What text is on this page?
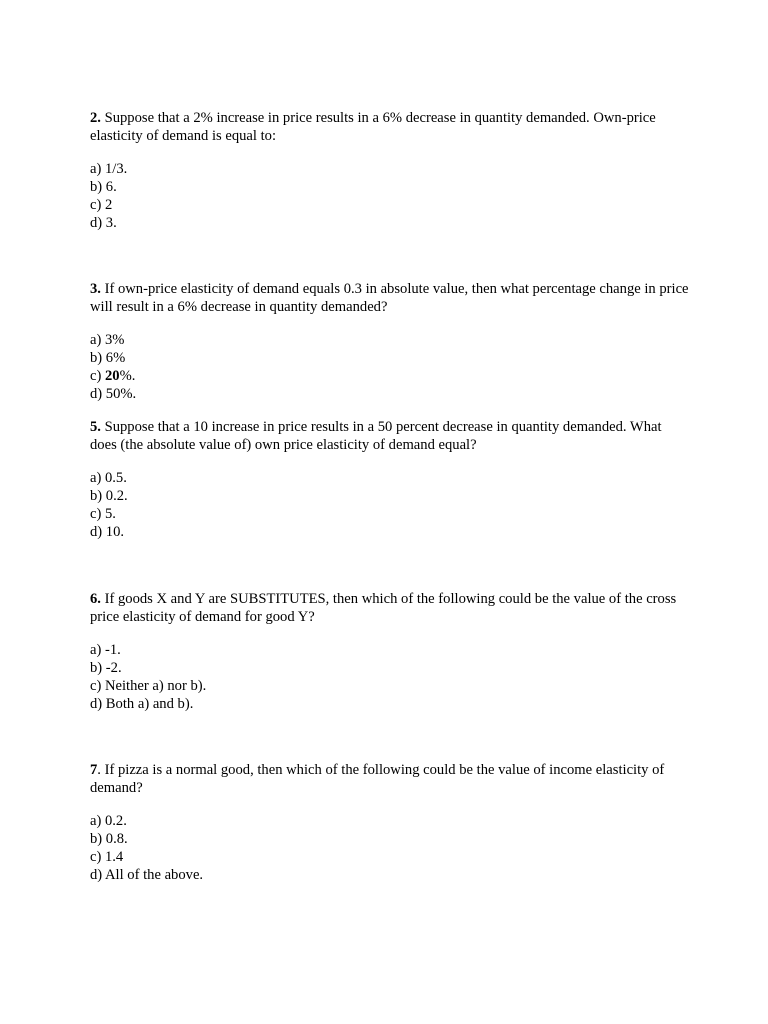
2. Suppose that a 2% increase in price results in a 6% decrease in quantity demanded. Own-price elasticity of demand is equal to:

a) 1/3.
b) 6.
c) 2
d) 3.

3. If own-price elasticity of demand equals 0.3 in absolute value, then what percentage change in price will result in a 6% decrease in quantity demanded?

a) 3%
b) 6%
c) 20%.
d) 50%.

5. Suppose that a 10 increase in price results in a 50 percent decrease in quantity demanded. What does (the absolute value of) own price elasticity of demand equal?

a) 0.5.
b) 0.2.
c) 5.
d) 10.

6. If goods X and Y are SUBSTITUTES, then which of the following could be the value of the cross price elasticity of demand for good Y?

a) -1.
b) -2.
c) Neither a) nor b).
d) Both a) and b).

7. If pizza is a normal good, then which of the following could be the value of income elasticity of demand?

a) 0.2.
b) 0.8.
c) 1.4
d) All of the above.
